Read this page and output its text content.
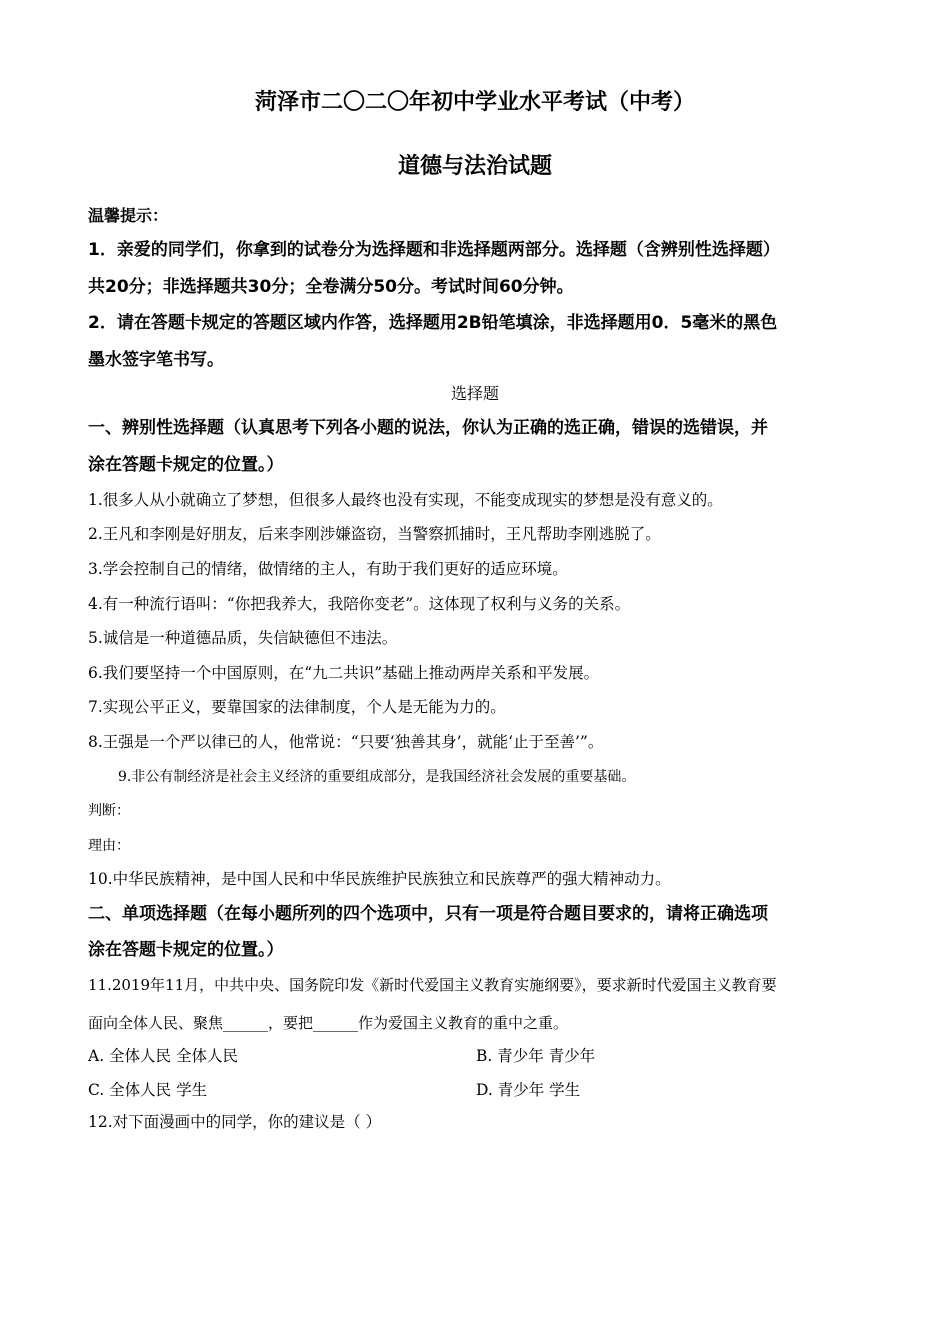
菏泽市二〇二〇年初中学业水平考试（中考）
道德与法治试题
温馨提示：
1．亲爱的同学们，你拿到的试卷分为选择题和非选择题两部分。选择题（含辨别性选择题）
共20分；非选择题共30分；全卷满分50分。考试时间60分钟。
2．请在答题卡规定的答题区域内作答，选择题用2B铅笔填涂，非选择题用0．5毫米的黑色
墨水签字笔书写。
选择题
一、辨别性选择题（认真思考下列各小题的说法，你认为正确的选正确，错误的选错误，并
涂在答题卡规定的位置。）
1.很多人从小就确立了梦想，但很多人最终也没有实现，不能变成现实的梦想是没有意义的。
2.王凡和李刚是好朋友，后来李刚涉嫌盗窃，当警察抓捕时，王凡帮助李刚逃脱了。
3.学会控制自己的情绪，做情绪的主人，有助于我们更好的适应环境。
4.有一种流行语叫：“你把我养大，我陪你变老”。这体现了权利与义务的关系。
5.诚信是一种道德品质，失信缺德但不违法。
6.我们要坚持一个中国原则，在“九二共识”基础上推动两岸关系和平发展。
7.实现公平正义，要靠国家的法律制度，个人是无能为力的。
8.王强是一个严以律已的人，他常说：“只要‘独善其身’，就能‘止于至善’”。
9.非公有制经济是社会主义经济的重要组成部分，是我国经济社会发展的重要基础。
判断：
理由：
10.中华民族精神，是中国人民和中华民族维护民族独立和民族尊严的强大精神动力。
二、单项选择题（在每小题所列的四个选项中，只有一项是符合题目要求的，请将正确选项
涂在答题卡规定的位置。）
11.2019年11月，中共中央、国务院印发《新时代爱国主义教育实施纲要》，要求新时代爱国主义教育要
面向全体人民、聚焦______，要把______作为爱国主义教育的重中之重。
A. 全体人民 全体人民	B. 青少年 青少年
C. 全体人民 学生	D. 青少年 学生
12.对下面漫画中的同学，你的建议是（ ）
